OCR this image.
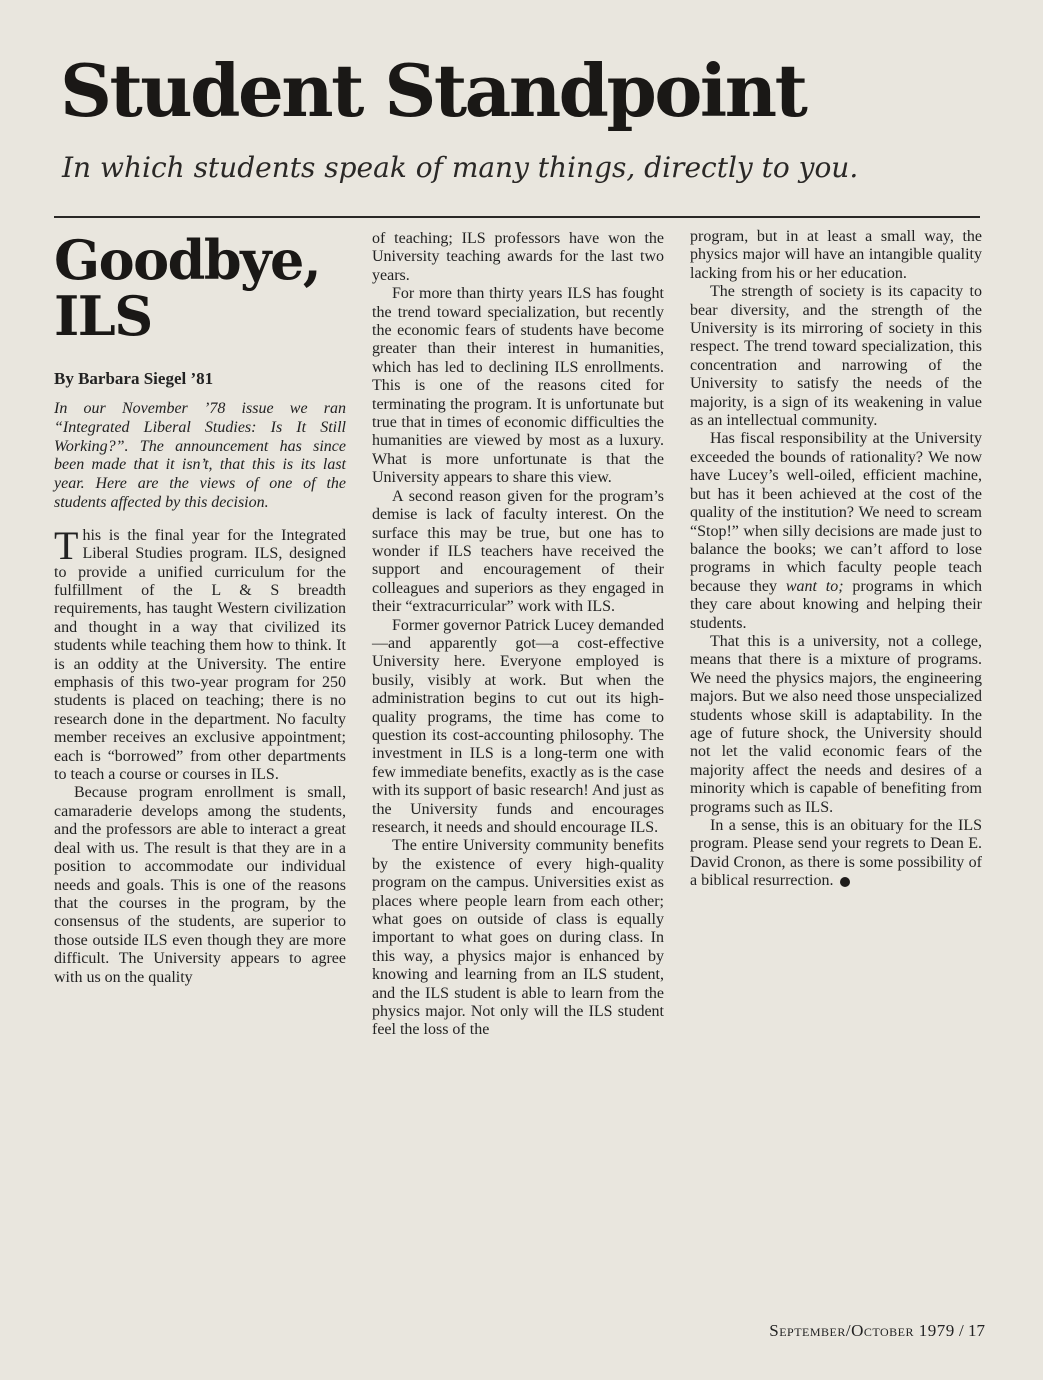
Student Standpoint

In which students speak of many things, directly to you.

Goodbye,
ILS
By Barbara Siegel ’81
In our November ’78 issue we ran “Integrated Liberal Studies: Is It Still Working?”. The announcement has since been made that it isn’t, that this is its last year. Here are the views of one of the students affected by this decision.

This is the final year for the Integrated Liberal Studies program. ILS, designed to provide a unified curriculum for the fulfillment of the L & S breadth requirements, has taught Western civilization and thought in a way that civilized its students while teaching them how to think. It is an oddity at the University. The entire emphasis of this two-year program for 250 students is placed on teaching; there is no research done in the department. No faculty member receives an exclusive appointment; each is “borrowed” from other departments to teach a course or courses in ILS.

Because program enrollment is small, camaraderie develops among the students, and the professors are able to interact a great deal with us. The result is that they are in a position to accommodate our individual needs and goals. This is one of the reasons that the courses in the program, by the consensus of the students, are superior to those outside ILS even though they are more difficult. The University appears to agree with us on the quality

of teaching; ILS professors have won the University teaching awards for the last two years.

For more than thirty years ILS has fought the trend toward specialization, but recently the economic fears of students have become greater than their interest in humanities, which has led to declining ILS enrollments. This is one of the reasons cited for terminating the program. It is unfortunate but true that in times of economic difficulties the humanities are viewed by most as a luxury. What is more unfortunate is that the University appears to share this view.

A second reason given for the program’s demise is lack of faculty interest. On the surface this may be true, but one has to wonder if ILS teachers have received the support and encouragement of their colleagues and superiors as they engaged in their “extracurricular” work with ILS.

Former governor Patrick Lucey demanded—and apparently got—a cost-effective University here. Everyone employed is busily, visibly at work. But when the administration begins to cut out its high-quality programs, the time has come to question its cost-accounting philosophy. The investment in ILS is a long-term one with few immediate benefits, exactly as is the case with its support of basic research! And just as the University funds and encourages research, it needs and should encourage ILS.

The entire University community benefits by the existence of every high-quality program on the campus. Universities exist as places where people learn from each other; what goes on outside of class is equally important to what goes on during class. In this way, a physics major is enhanced by knowing and learning from an ILS student, and the ILS student is able to learn from the physics major. Not only will the ILS student feel the loss of the

program, but in at least a small way, the physics major will have an intangible quality lacking from his or her education.

The strength of society is its capacity to bear diversity, and the strength of the University is its mirroring of society in this respect. The trend toward specialization, this concentration and narrowing of the University to satisfy the needs of the majority, is a sign of its weakening in value as an intellectual community.

Has fiscal responsibility at the University exceeded the bounds of rationality? We now have Lucey’s well-oiled, efficient machine, but has it been achieved at the cost of the quality of the institution? We need to scream “Stop!” when silly decisions are made just to balance the books; we can’t afford to lose programs in which faculty people teach because they want to; programs in which they care about knowing and helping their students.

That this is a university, not a college, means that there is a mixture of programs. We need the physics majors, the engineering majors. But we also need those unspecialized students whose skill is adaptability. In the age of future shock, the University should not let the valid economic fears of the majority affect the needs and desires of a minority which is capable of benefiting from programs such as ILS.

In a sense, this is an obituary for the ILS program. Please send your regrets to Dean E. David Cronon, as there is some possibility of a biblical resurrection.

September/October 1979 / 17
